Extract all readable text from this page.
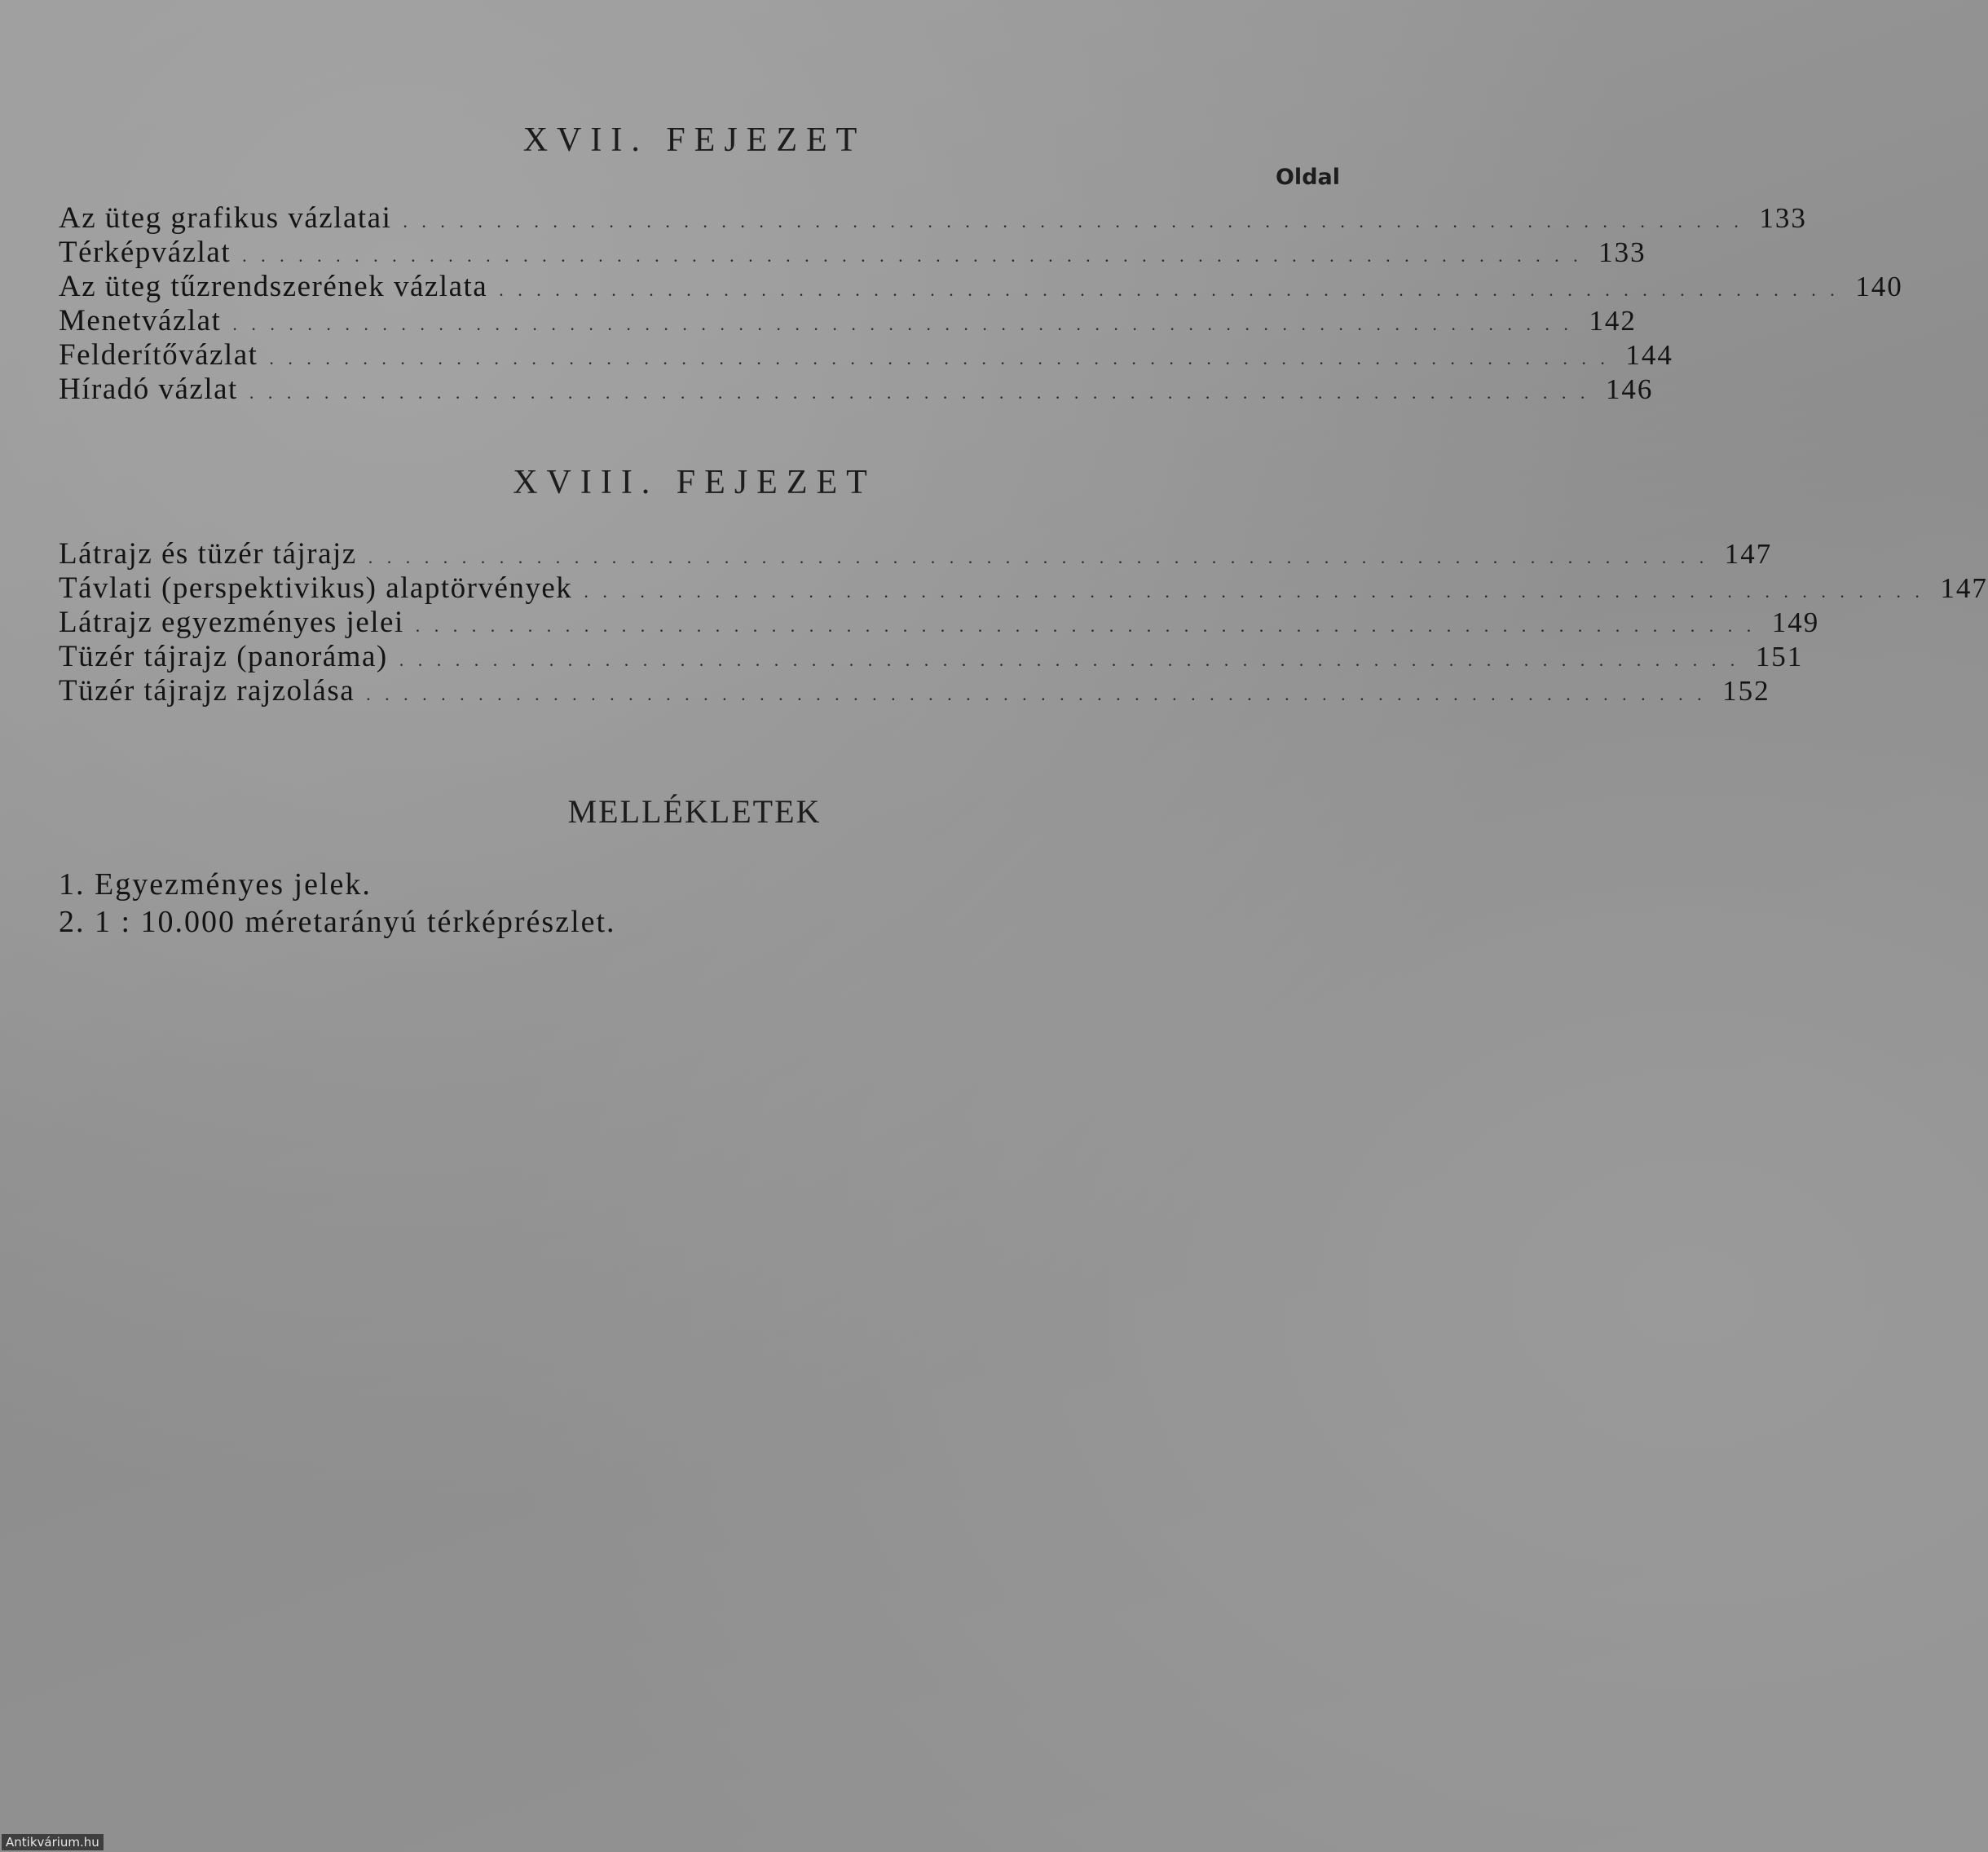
XVII. FEJEZET
Oldal
Az üteg grafikus vázlatai . . . . . . . . . . . . . . . . . . . . . . . . . . . . . . . . . . . . . . . . . . . . . . . . . . . . . . . . . . . . . . . . . . . . . . . . 133
Térképvázlat . . . . . . . . . . . . . . . . . . . . . . . . . . . . . . . . . . . . . . . . . . . . . . . . . . . . . . . . . . . . . . . . . . . . . . . . 133
Az üteg tűzrendszerének vázlata . . . . . . . . . . . . . . . . . . . . . . . . . . . . . . . . . . . . . . . . . . . . . . . . . . . . . . . . . . . . . . . . . . . . . . . . 140
Menetvázlat . . . . . . . . . . . . . . . . . . . . . . . . . . . . . . . . . . . . . . . . . . . . . . . . . . . . . . . . . . . . . . . . . . . . . . . . 142
Felderítővázlat . . . . . . . . . . . . . . . . . . . . . . . . . . . . . . . . . . . . . . . . . . . . . . . . . . . . . . . . . . . . . . . . . . . . . . . . 144
Híradó vázlat . . . . . . . . . . . . . . . . . . . . . . . . . . . . . . . . . . . . . . . . . . . . . . . . . . . . . . . . . . . . . . . . . . . . . . . . 146
XVIII. FEJEZET
Látrajz és tüzér tájrajz . . . . . . . . . . . . . . . . . . . . . . . . . . . . . . . . . . . . . . . . . . . . . . . . . . . . . . . . . . . . . . . . . . . . . . . . 147
Távlati (perspektivikus) alaptörvények . . . . . . . . . . . . . . . . . . . . . . . . . . . . . . . . . . . . . . . . . . . . . . . . . . . . . . . . . . . . . . . . . . . . . . . . 147
Látrajz egyezményes jelei . . . . . . . . . . . . . . . . . . . . . . . . . . . . . . . . . . . . . . . . . . . . . . . . . . . . . . . . . . . . . . . . . . . . . . . . 149
Tüzér tájrajz (panoráma) . . . . . . . . . . . . . . . . . . . . . . . . . . . . . . . . . . . . . . . . . . . . . . . . . . . . . . . . . . . . . . . . . . . . . . . . 151
Tüzér tájrajz rajzolása . . . . . . . . . . . . . . . . . . . . . . . . . . . . . . . . . . . . . . . . . . . . . . . . . . . . . . . . . . . . . . . . . . . . . . . . 152
MELLÉKLETEK
1. Egyezményes jelek.
2. 1 : 10.000 méretarányú térképrészlet.
Antikvárium.hu
